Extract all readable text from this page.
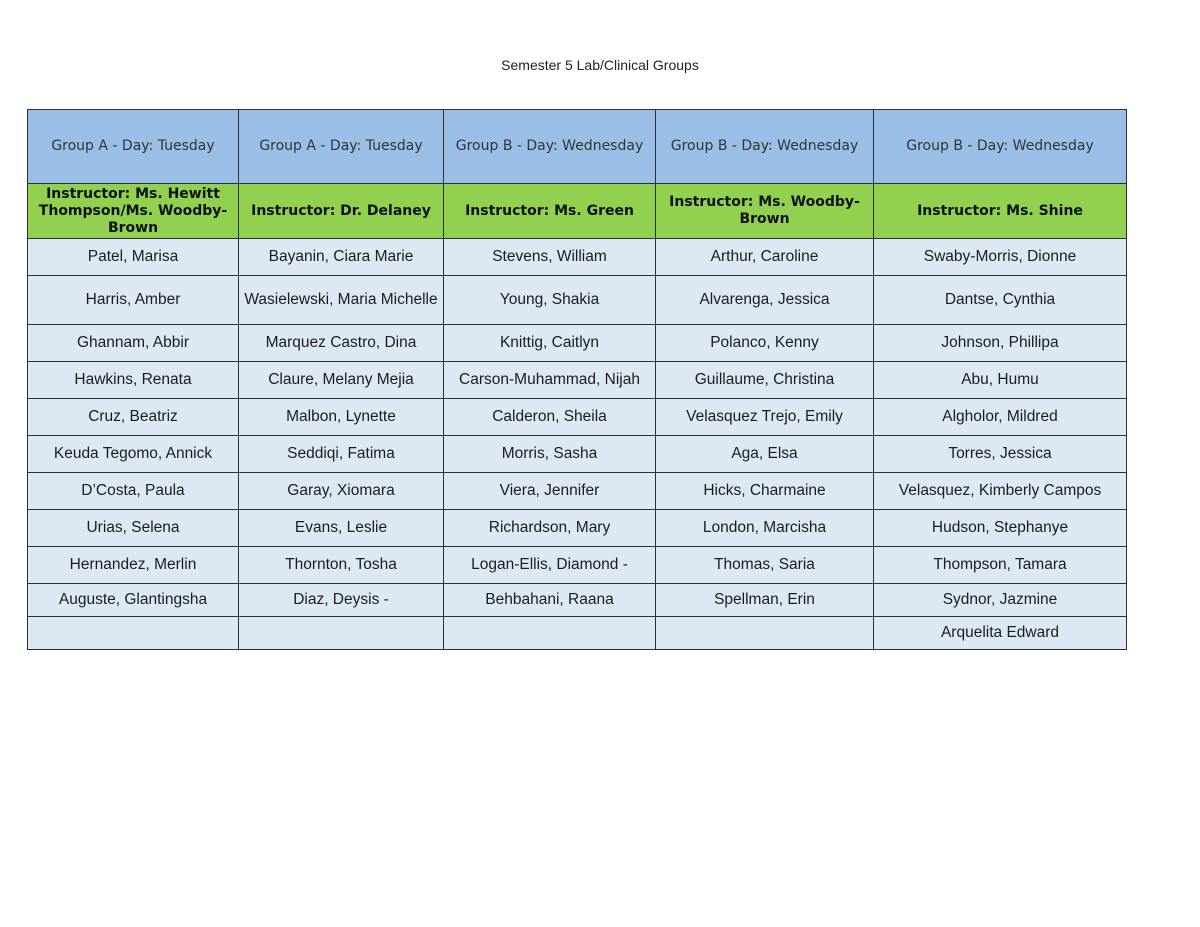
Semester 5 Lab/Clinical Groups
Group A - Day: Tuesday	Group A - Day: Tuesday	Group B - Day: Wednesday	Group B - Day: Wednesday	Group B - Day: Wednesday
Instructor: Ms. Hewitt Thompson/Ms. Woodby-Brown	Instructor: Dr. Delaney	Instructor: Ms. Green	Instructor: Ms. Woodby-Brown	Instructor: Ms. Shine
Patel, Marisa	Bayanin, Ciara Marie	Stevens, William	Arthur, Caroline	Swaby-Morris, Dionne
Harris, Amber	Wasielewski, Maria Michelle	Young, Shakia	Alvarenga, Jessica	Dantse, Cynthia
Ghannam, Abbir	Marquez Castro, Dina	Knittig, Caitlyn	Polanco, Kenny	Johnson, Phillipa
Hawkins, Renata	Claure, Melany Mejia	Carson-Muhammad, Nijah	Guillaume, Christina	Abu, Humu
Cruz, Beatriz	Malbon, Lynette	Calderon, Sheila	Velasquez Trejo, Emily	Algholor, Mildred
Keuda Tegomo, Annick	Seddiqi, Fatima	Morris, Sasha	Aga, Elsa	Torres, Jessica
D’Costa, Paula	Garay, Xiomara	Viera, Jennifer	Hicks, Charmaine	Velasquez, Kimberly Campos
Urias, Selena	Evans, Leslie	Richardson, Mary	London, Marcisha	Hudson, Stephanye
Hernandez, Merlin	Thornton, Tosha	Logan-Ellis, Diamond -	Thomas, Saria	Thompson, Tamara
Auguste, Glantingsha	Diaz, Deysis -	Behbahani, Raana	Spellman, Erin	Sydnor, Jazmine
				Arquelita Edward
